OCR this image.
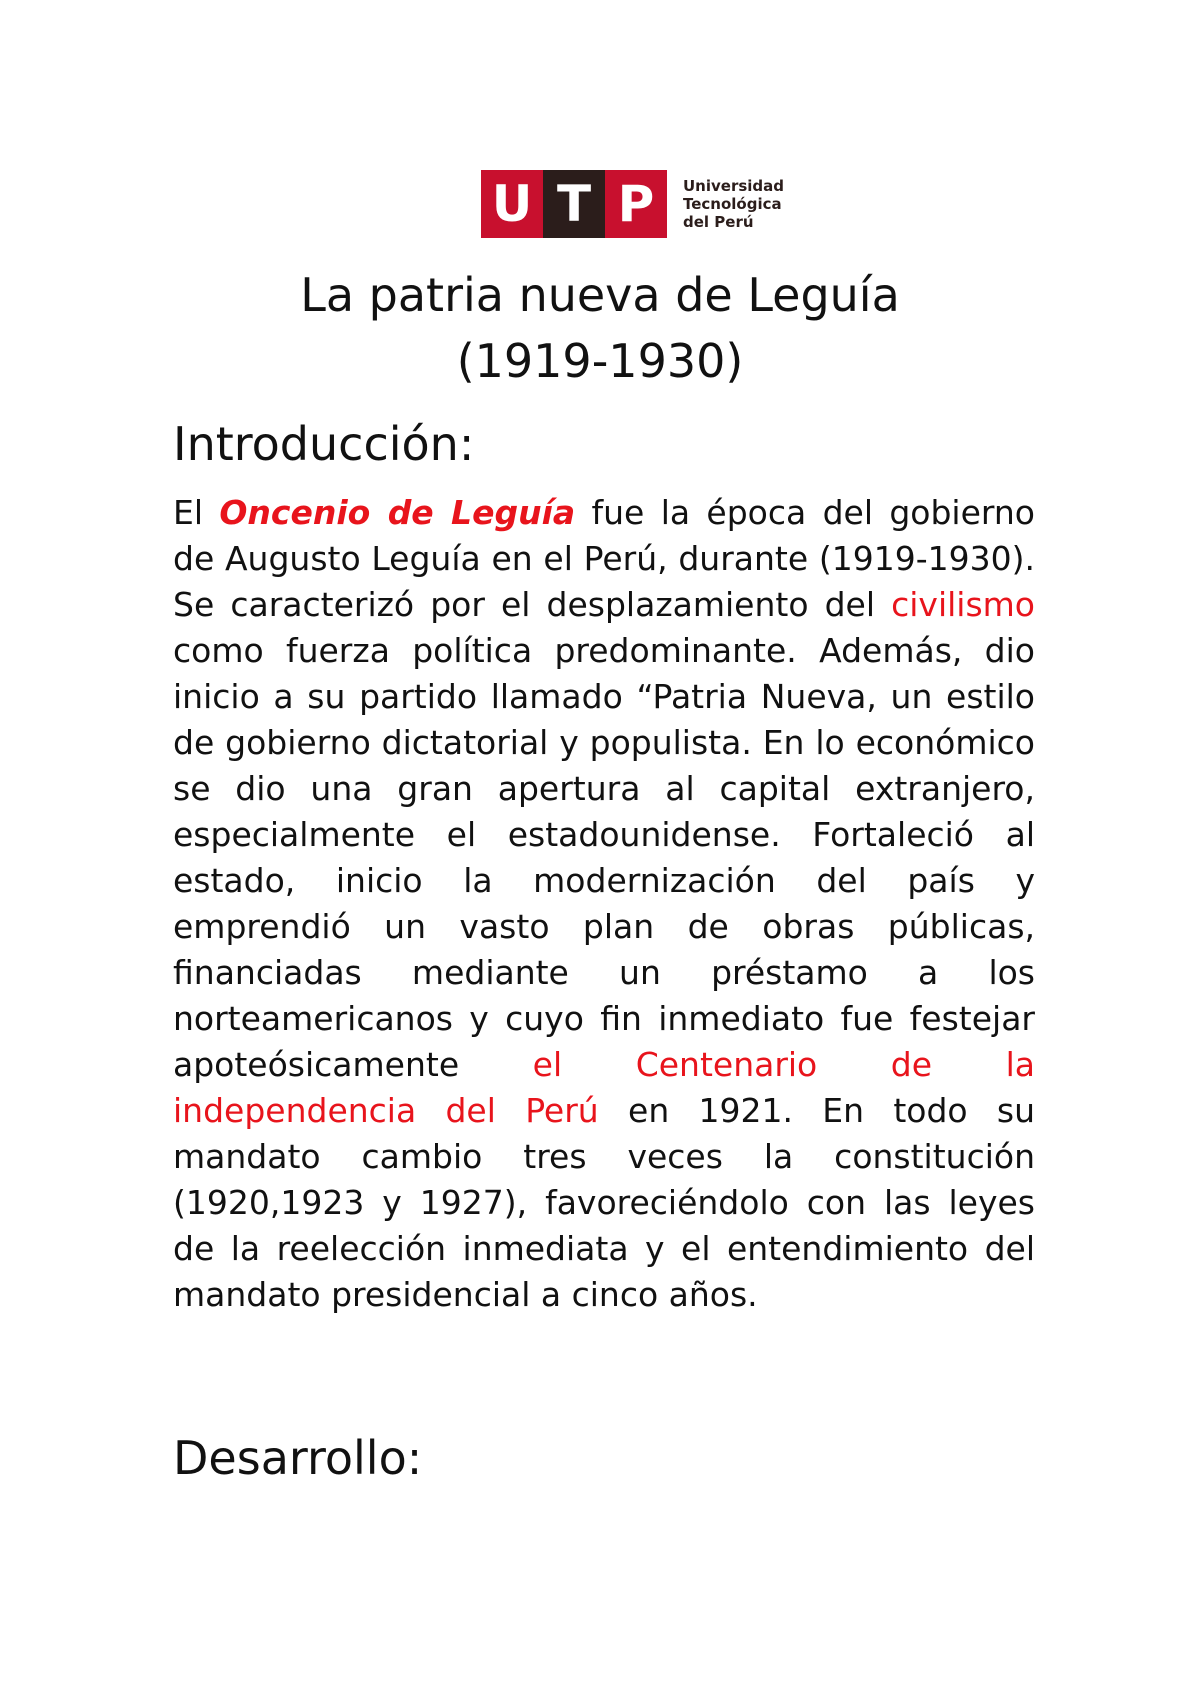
U T P	Universidad
Tecnológica
del Perú
La patria nueva de Leguía
(1919-1930)
Introducción:

El Oncenio de Leguía fue la época del gobierno de Augusto Leguía en el Perú, durante (1919-1930). Se caracterizó por el desplazamiento del civilismo como fuerza política predominante. Además, dio inicio a su partido llamado “Patria Nueva, un estilo de gobierno dictatorial y populista. En lo económico se dio una gran apertura al capital extranjero, especialmente el estadounidense. Fortaleció al estado, inicio la modernización del país y emprendió un vasto plan de obras públicas, financiadas mediante un préstamo a los norteamericanos y cuyo fin inmediato fue festejar apoteósicamente el Centenario de la independencia del Perú en 1921. En todo su mandato cambio tres veces la constitución (1920,1923 y 1927), favoreciéndolo con las leyes de la reelección inmediata y el entendimiento del mandato presidencial a cinco años.

Desarrollo:
